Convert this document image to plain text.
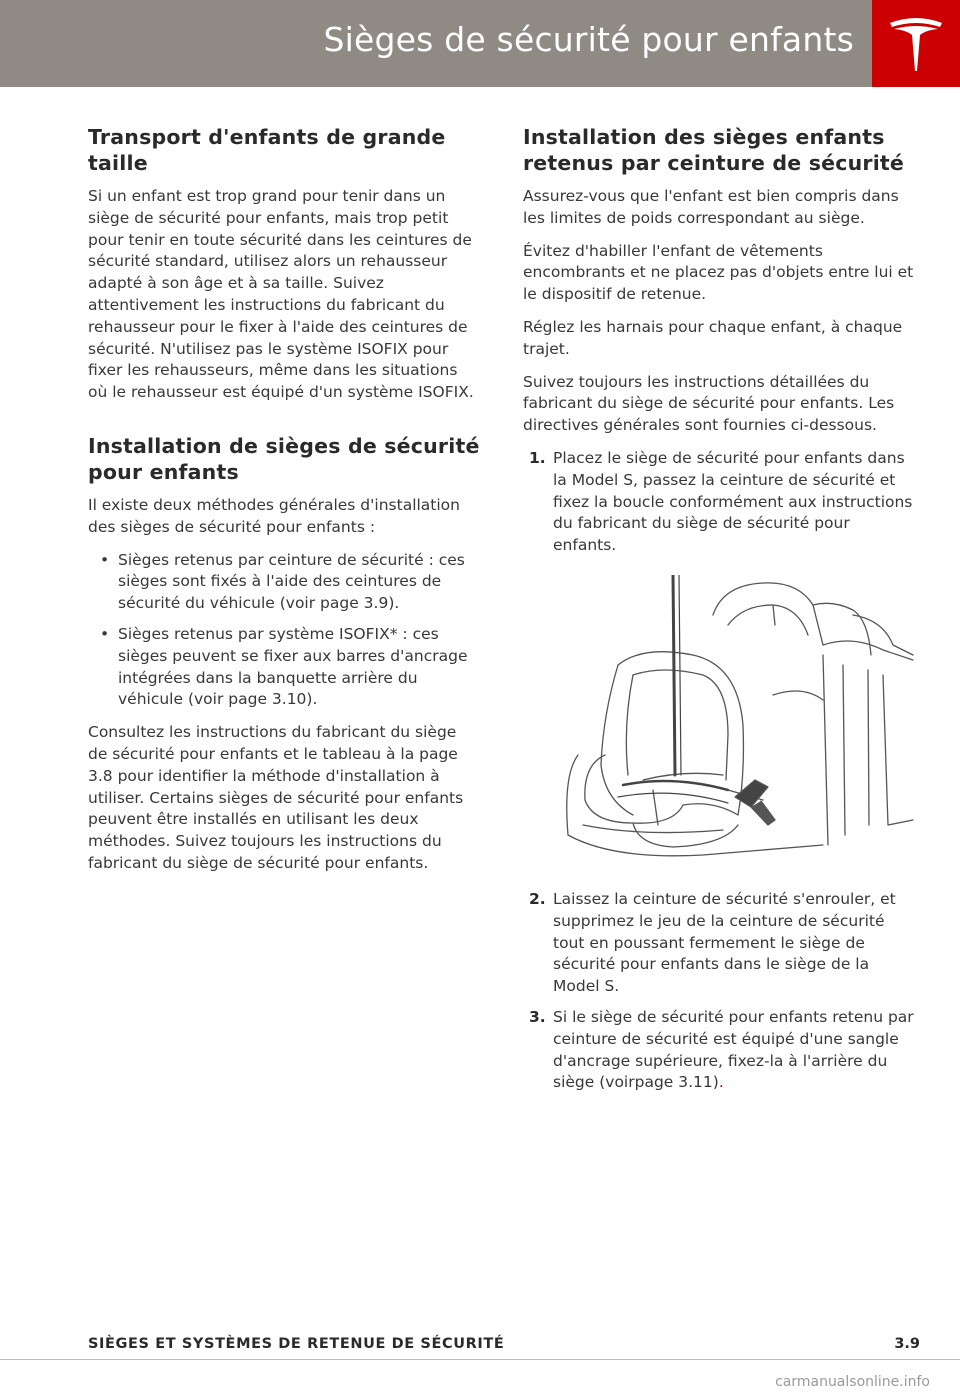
Sièges de sécurité pour enfants
Transport d'enfants de grande taille

Si un enfant est trop grand pour tenir dans un siège de sécurité pour enfants, mais trop petit pour tenir en toute sécurité dans les ceintures de sécurité standard, utilisez alors un rehausseur adapté à son âge et à sa taille. Suivez attentivement les instructions du fabricant du rehausseur pour le fixer à l'aide des ceintures de sécurité. N'utilisez pas le système ISOFIX pour fixer les rehausseurs, même dans les situations où le rehausseur est équipé d'un système ISOFIX.

Installation de sièges de sécurité pour enfants

Il existe deux méthodes générales d'installation des sièges de sécurité pour enfants :

• Sièges retenus par ceinture de sécurité : ces sièges sont fixés à l'aide des ceintures de sécurité du véhicule (voir page 3.9).
• Sièges retenus par système ISOFIX* : ces sièges peuvent se fixer aux barres d'ancrage intégrées dans la banquette arrière du véhicule (voir page 3.10).

Consultez les instructions du fabricant du siège de sécurité pour enfants et le tableau à la page 3.8 pour identifier la méthode d'installation à utiliser. Certains sièges de sécurité pour enfants peuvent être installés en utilisant les deux méthodes. Suivez toujours les instructions du fabricant du siège de sécurité pour enfants.

Installation des sièges enfants retenus par ceinture de sécurité

Assurez-vous que l'enfant est bien compris dans les limites de poids correspondant au siège.

Évitez d'habiller l'enfant de vêtements encombrants et ne placez pas d'objets entre lui et le dispositif de retenue.

Réglez les harnais pour chaque enfant, à chaque trajet.

Suivez toujours les instructions détaillées du fabricant du siège de sécurité pour enfants. Les directives générales sont fournies ci-dessous.

1. Placez le siège de sécurité pour enfants dans la Model S, passez la ceinture de sécurité et fixez la boucle conformément aux instructions du fabricant du siège de sécurité pour enfants.
2. Laissez la ceinture de sécurité s'enrouler, et supprimez le jeu de la ceinture de sécurité tout en poussant fermement le siège de sécurité pour enfants dans le siège de la Model S.
3. Si le siège de sécurité pour enfants retenu par ceinture de sécurité est équipé d'une sangle d'ancrage supérieure, fixez-la à l'arrière du siège (voirpage 3.11).
SIÈGES ET SYSTÈMES DE RETENUE DE SÉCURITÉ	3.9
carmanualsonline.info
